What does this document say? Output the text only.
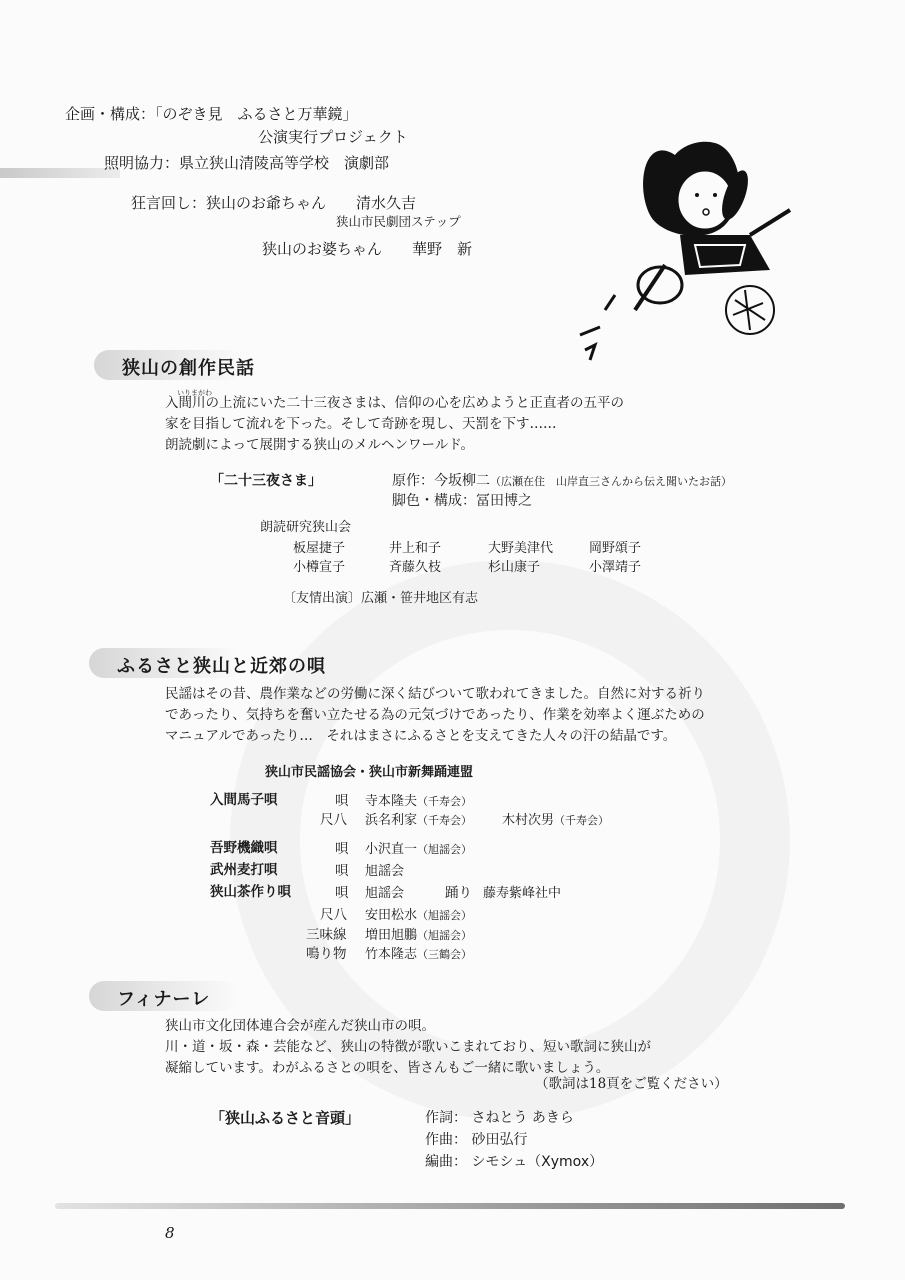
企画・構成：「のぞき見　ふるさと万華鏡」
公演実行プロジェクト
照明協力：県立狭山清陵高等学校　演劇部
狂言回し：狭山のお爺ちゃん　　清水久吉
狭山市民劇団ステップ
狭山のお婆ちゃん　　華野　新
狭山の創作民話
いりまがわ
入間川の上流にいた二十三夜さまは、信仰の心を広めようと正直者の五平の
家を目指して流れを下った。そして奇跡を現し、天罰を下す……
朗読劇によって展開する狭山のメルヘンワールド。
「二十三夜さま」	原作：今坂柳二（広瀬在住　山岸直三さんから伝え聞いたお話）
脚色・構成：冨田博之
朗読研究狭山会
板屋捷子	井上和子	大野美津代	岡野頌子
小樽宣子	斉藤久枝	杉山康子	小澤靖子
〔友情出演〕広瀬・笹井地区有志
ふるさと狭山と近郊の唄
民謡はその昔、農作業などの労働に深く結びついて歌われてきました。自然に対する祈り
であったり、気持ちを奮い立たせる為の元気づけであったり、作業を効率よく運ぶための
マニュアルであったり…　それはまさにふるさとを支えてきた人々の汗の結晶です。
狭山市民謡協会・狭山市新舞踊連盟
入間馬子唄	唄 寺本隆夫（千寿会）
尺八 浜名利家（千寿会） 木村次男（千寿会）
吾野機織唄	唄 小沢直一（旭謡会）
武州麦打唄	唄 旭謡会
狭山茶作り唄	唄 旭謡会	踊り 藤寿紫峰社中
尺八 安田松水（旭謡会）
三味線 増田旭鵬（旭謡会）
鳴り物 竹本隆志（三鶴会）
フィナーレ
狭山市文化団体連合会が産んだ狭山市の唄。
川・道・坂・森・芸能など、狭山の特徴が歌いこまれており、短い歌詞に狭山が
凝縮しています。わがふるさとの唄を、皆さんもご一緒に歌いましょう。
（歌詞は18頁をご覧ください）
「狭山ふるさと音頭」	作詞： さねとう あきら
作曲： 砂田弘行
編曲： シモシュ（Xymox）
8
